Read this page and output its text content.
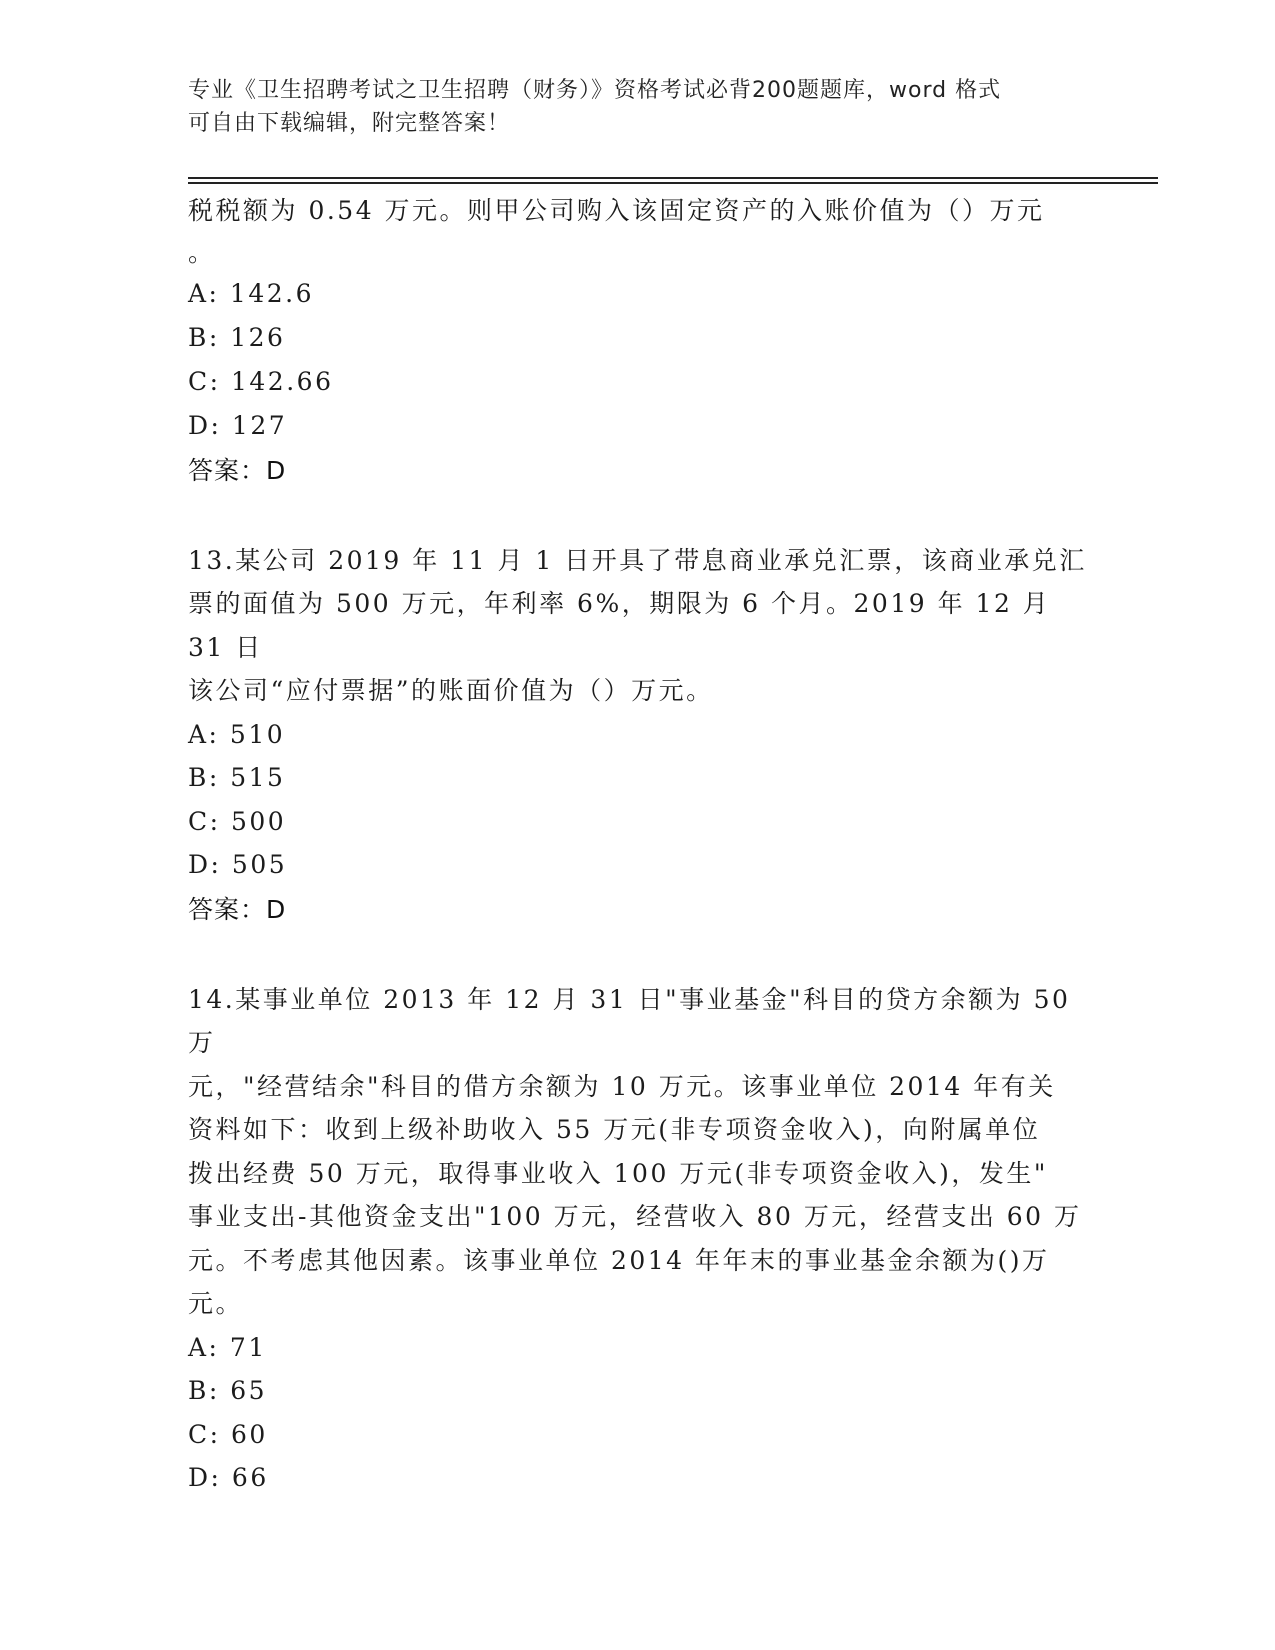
专业《卫生招聘考试之卫生招聘（财务）》资格考试必背200题题库，word 格式
可自由下载编辑，附完整答案！
税税额为 0.54 万元。则甲公司购入该固定资产的入账价值为（）万元
。
A: 142.6
B: 126
C: 142.66
D: 127
答案：D
13.某公司 2019 年 11 月 1 日开具了带息商业承兑汇票，该商业承兑汇
票的面值为 500 万元，年利率 6%，期限为 6 个月。2019 年 12 月 31 日
该公司“应付票据”的账面价值为（）万元。
A: 510
B: 515
C: 500
D: 505
答案：D
14.某事业单位 2013 年 12 月 31 日"事业基金"科目的贷方余额为 50 万
元，"经营结余"科目的借方余额为 10 万元。该事业单位 2014 年有关
资料如下：收到上级补助收入 55 万元(非专项资金收入)，向附属单位
拨出经费 50 万元，取得事业收入 100 万元(非专项资金收入)，发生"
事业支出-其他资金支出"100 万元，经营收入 80 万元，经营支出 60 万
元。不考虑其他因素。该事业单位 2014 年年末的事业基金余额为()万
元。
A: 71
B: 65
C: 60
D: 66
